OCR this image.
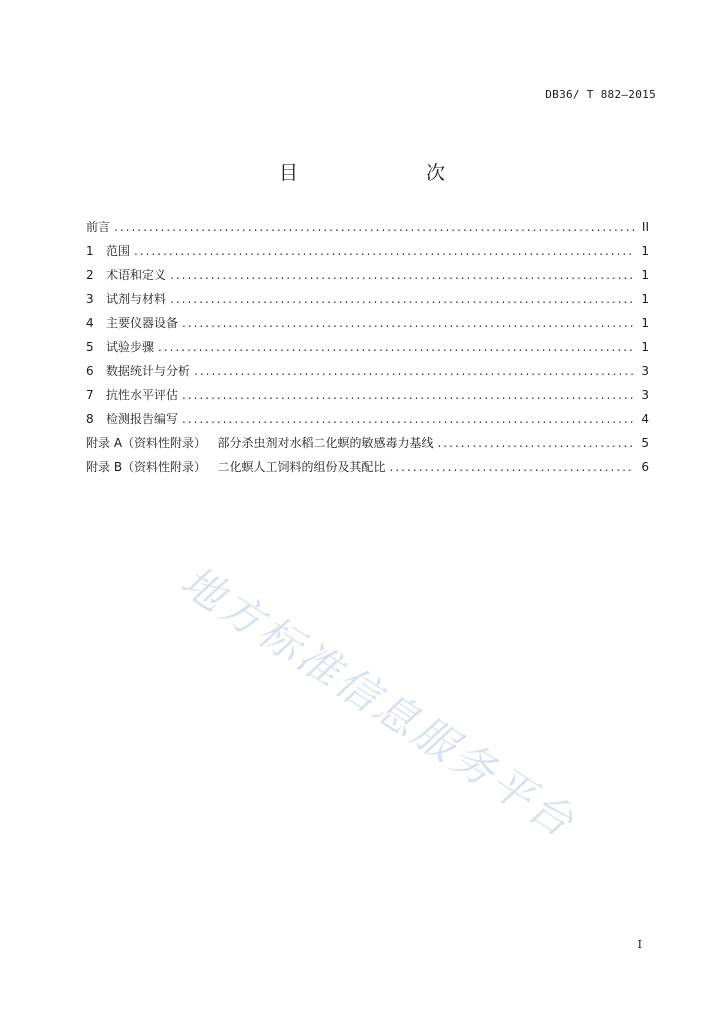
DB36/ T 882—2015
目　　次
前言 .....	II
1	范围 .....	1
2	术语和定义 .....	1
3	试剂与材料 .....	1
4	主要仪器设备 .....	1
5	试验步骤 .....	1
6	数据统计与分析 .....	3
7	抗性水平评估 .....	3
8	检测报告编写 .....	4
附录 A（资料性附录）   部分杀虫剂对水稻二化螟的敏感毒力基线 .....	5
附录 B（资料性附录）   二化螟人工饲料的组份及其配比 .....	6
地方标准信息服务平台
I
